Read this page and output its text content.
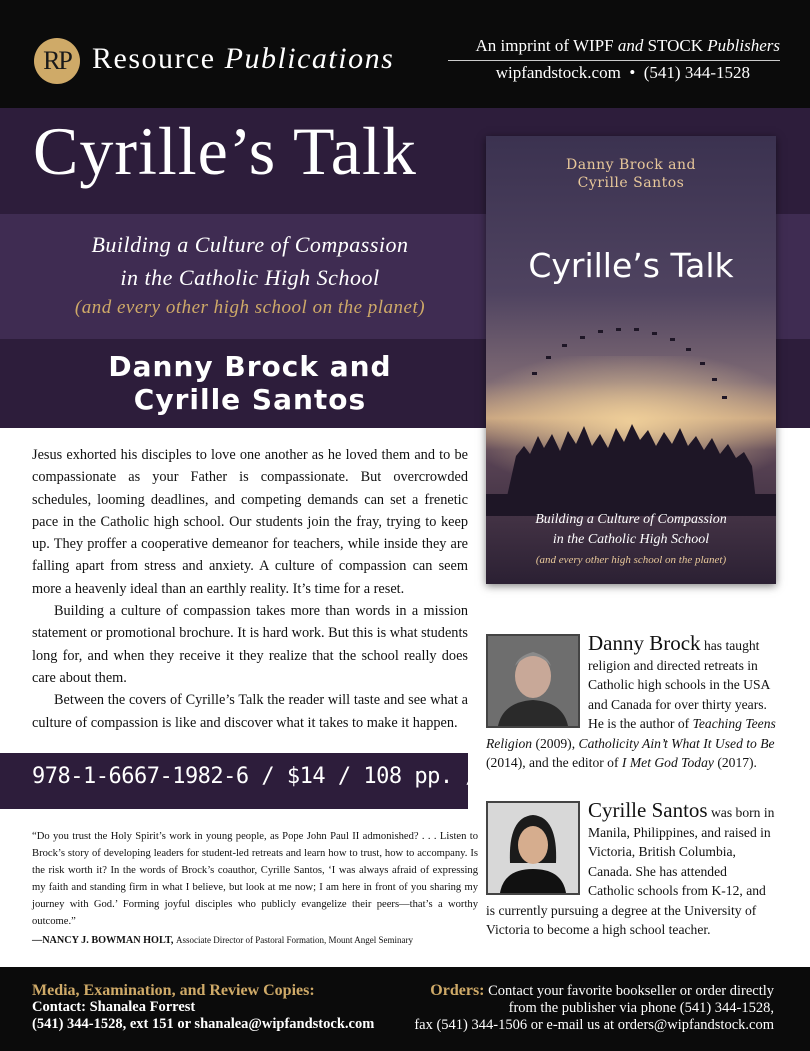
RP Resource Publications	An imprint of WIPF and STOCK Publishers
wipfandstock.com  •  (541) 344-1528
Cyrille’s Talk
Building a Culture of Compassion
in the Catholic High School
(and every other high school on the planet)
Danny Brock and
Cyrille Santos
Danny Brock and
Cyrille Santos
Cyrille’s Talk
Building a Culture of Compassion
in the Catholic High School
(and every other high school on the planet)

Jesus exhorted his disciples to love one another as he loved them and to be compassionate as your Father is compassionate. But overcrowded schedules, looming deadlines, and competing demands can set a frenetic pace in the Catholic high school. Our students join the fray, trying to keep up. They proffer a cooperative demeanor for teachers, while inside they are falling apart from stress and anxiety. A culture of compassion can seem more a heavenly ideal than an earthly reality. It’s time for a reset.

Building a culture of compassion takes more than words in a mission statement or promotional brochure. It is hard work. But this is what students long for, and when they receive it they realize that the school really does care about them.

Between the covers of Cyrille’s Talk the reader will taste and see what a culture of compassion is like and discover what it takes to make it happen.

978-1-6667-1982-6 / $14 / 108 pp. / paper
“Do you trust the Holy Spirit’s work in young people, as Pope John Paul II admonished? . . . Listen to Brock’s story of developing leaders for student-led retreats and learn how to trust, how to accompany. Is the risk worth it? In the words of Brock’s coauthor, Cyrille Santos, ‘I was always afraid of expressing my faith and standing firm in what I believe, but look at me now; I am here in front of you sharing my journey with God.’ Forming joyful disciples who publicly evangelize their peers—that’s a worthy outcome.”
—NANCY J. BOWMAN HOLT, Associate Director of Pastoral Formation, Mount Angel Seminary
Danny Brock has taught religion and directed retreats in Catholic high schools in the USA and Canada for over thirty years. He is the author of Teaching Teens Religion (2009), Catholicity Ain’t What It Used to Be (2014), and the editor of I Met God Today (2017).
Cyrille Santos was born in Manila, Philippines, and raised in Victoria, British Columbia, Canada. She has attended Catholic schools from K-12, and is currently pursuing a degree at the University of Victoria to become a high school teacher.
Media, Examination, and Review Copies:
Contact: Shanalea Forrest
(541) 344-1528, ext 151 or shanalea@wipfandstock.com
Orders: Contact your favorite bookseller or order directly
from the publisher via phone (541) 344-1528,
fax (541) 344-1506 or e-mail us at orders@wipfandstock.com
